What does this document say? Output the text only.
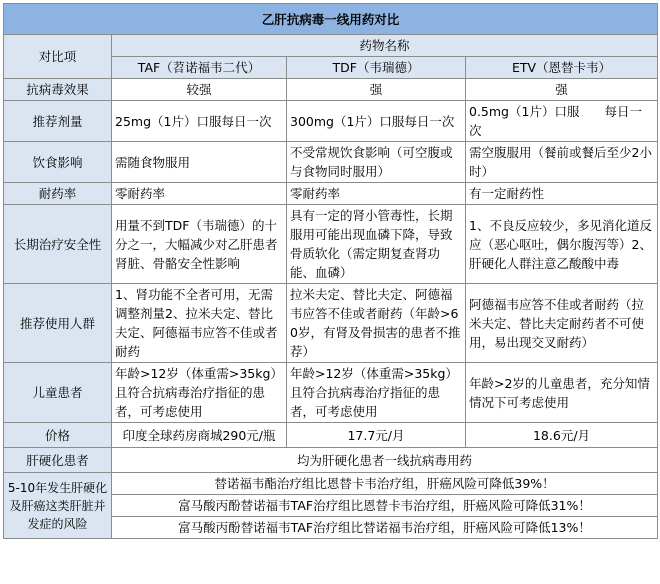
乙肝抗病毒一线用药对比			
对比项	药物名称		
	TAF（苕诺福韦二代）	TDF（韦瑞德）	ETV（恩替卡韦）
抗病毒效果	较强	强	强
推荐剂量	25mg（1片）口服每日一次	300mg（1片）口服每日一次	0.5mg（1片）口服　　每日一次
饮食影响	需随食物服用	不受常规饮食影响（可空腹或与食物同时服用）	需空腹服用（餐前或餐后至少2小时）
耐药率	零耐药率	零耐药率	有一定耐药性
长期治疗安全性	用量不到TDF（韦瑞德）的十分之一，大幅减少对乙肝患者肾脏、骨骼安全性影响	具有一定的肾小管毒性，长期服用可能出现血磷下降，导致骨质软化（需定期复查肾功能、血磷）	1、不良反应较少，多见消化道反应（恶心呕吐，偶尔腹泻等）2、肝硬化人群注意乙酸酸中毒
推荐使用人群	1、肾功能不全者可用，无需调整剂量2、拉米夫定、替比夫定、阿德福韦应答不佳或者耐药	拉米夫定、替比夫定、阿德福韦应答不佳或者耐药（年龄>60岁，有肾及骨损害的患者不推荐）	阿德福韦应答不佳或者耐药（拉米夫定、替比夫定耐药者不可使用，易出现交叉耐药）
儿童患者	年龄>12岁（体重需>35kg）且符合抗病毒治疗指征的患者，可考虑使用	年龄>12岁（体重需>35kg）且符合抗病毒治疗指征的患者，可考虑使用	年龄>2岁的儿童患者，充分知情情况下可考虑使用
价格	印度全球药房商城290元/瓶	17.7元/月	18.6元/月
肝硬化患者	均为肝硬化患者一线抗病毒用药		
5-10年发生肝硬化及肝癌这类肝脏并发症的风险	替诺福韦酯治疗组比恩替卡韦治疗组，肝癌风险可降低39%！		
	富马酸丙酚替诺福韦TAF治疗组比恩替卡韦治疗组，肝癌风险可降低31%！		
	富马酸丙酚替诺福韦TAF治疗组比替诺福韦治疗组，肝癌风险可降低13%！		
